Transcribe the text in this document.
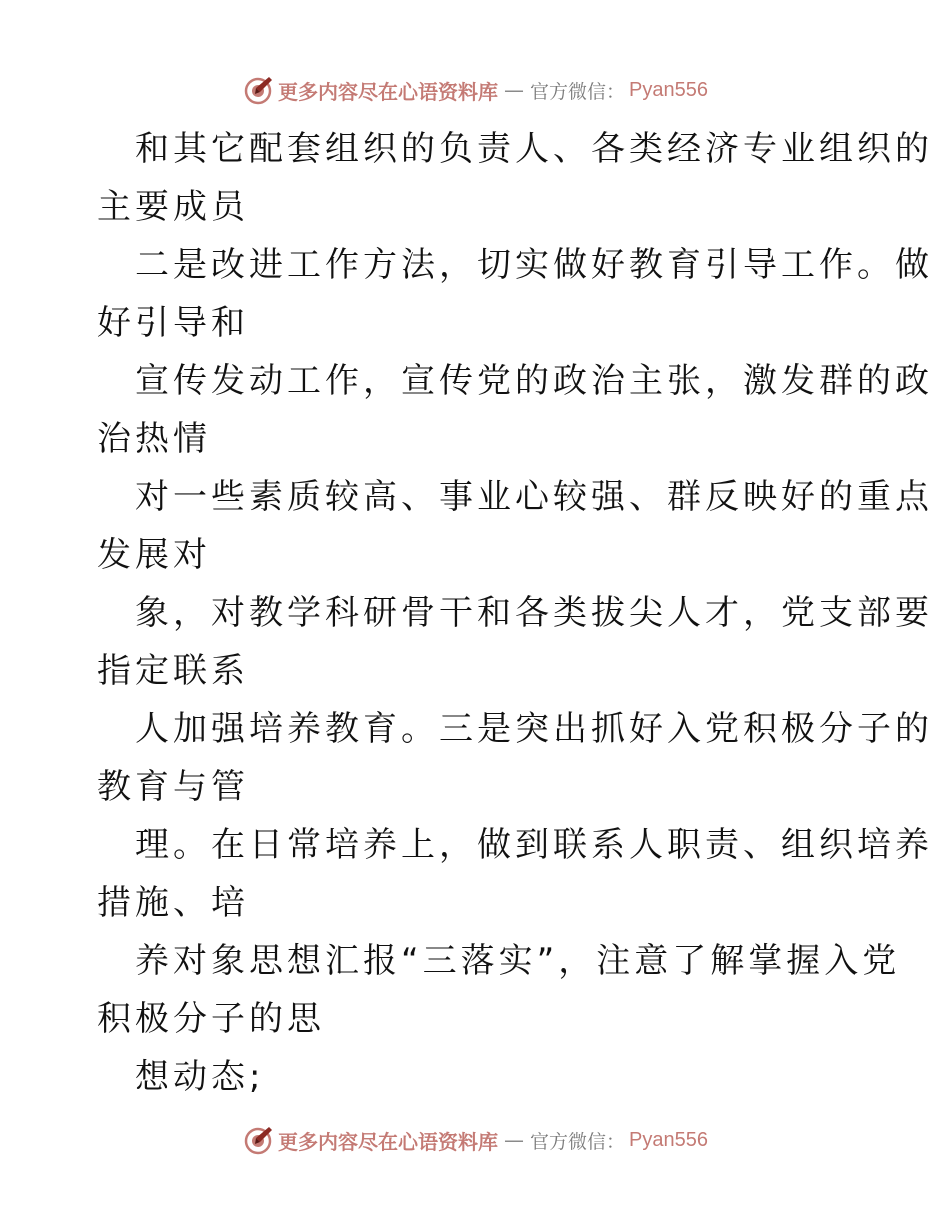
更多内容尽在心语资料库 — 官方微信： Pyan556
和其它配套组织的负责人、各类经济专业组织的
主要成员
二是改进工作方法，切实做好教育引导工作。做
好引导和
宣传发动工作，宣传党的政治主张，激发群的政
治热情
对一些素质较高、事业心较强、群反映好的重点
发展对
象，对教学科研骨干和各类拔尖人才，党支部要
指定联系
人加强培养教育。三是突出抓好入党积极分子的
教育与管
理。在日常培养上，做到联系人职责、组织培养
措施、培
养对象思想汇报“三落实”，注意了解掌握入党
积极分子的思
想动态;
更多内容尽在心语资料库 — 官方微信： Pyan556
